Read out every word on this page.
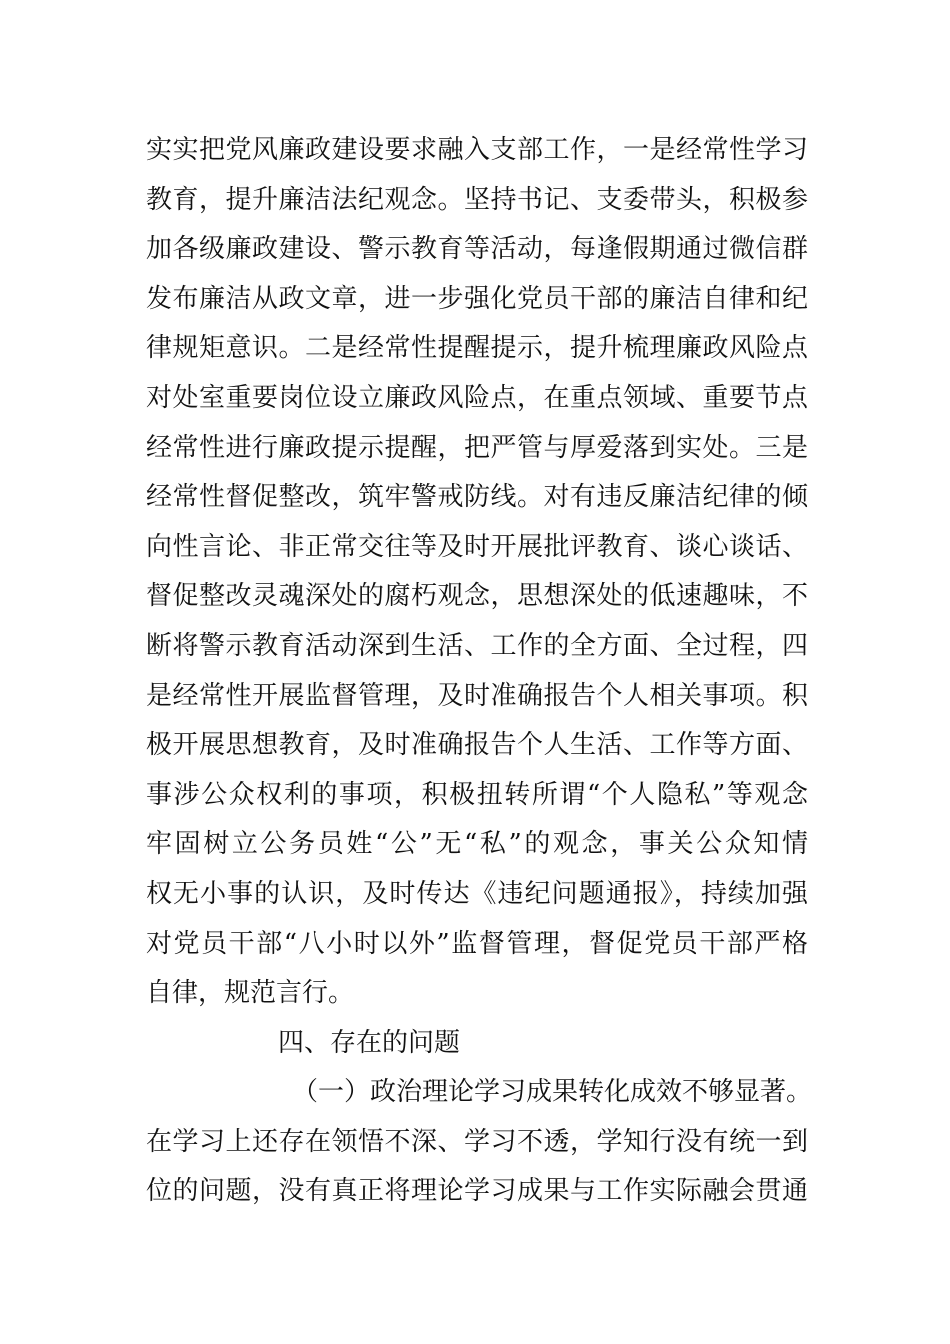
实实把党风廉政建设要求融入支部工作，一是经常性学习
教育，提升廉洁法纪观念。坚持书记、支委带头，积极参
加各级廉政建设、警示教育等活动，每逢假期通过微信群
发布廉洁从政文章，进一步强化党员干部的廉洁自律和纪
律规矩意识。二是经常性提醒提示，提升梳理廉政风险点
对处室重要岗位设立廉政风险点，在重点领域、重要节点
经常性进行廉政提示提醒，把严管与厚爱落到实处。三是
经常性督促整改，筑牢警戒防线。对有违反廉洁纪律的倾
向性言论、非正常交往等及时开展批评教育、谈心谈话、
督促整改灵魂深处的腐朽观念，思想深处的低速趣味，不
断将警示教育活动深到生活、工作的全方面、全过程，四
是经常性开展监督管理，及时准确报告个人相关事项。积
极开展思想教育，及时准确报告个人生活、工作等方面、
事涉公众权利的事项，积极扭转所谓“个人隐私”等观念
牢固树立公务员姓“公”无“私”的观念，事关公众知情
权无小事的认识，及时传达《违纪问题通报》，持续加强
对党员干部“八小时以外”监督管理，督促党员干部严格
自律，规范言行。
四、存在的问题
（一）政治理论学习成果转化成效不够显著。
在学习上还存在领悟不深、学习不透，学知行没有统一到
位的问题，没有真正将理论学习成果与工作实际融会贯通
